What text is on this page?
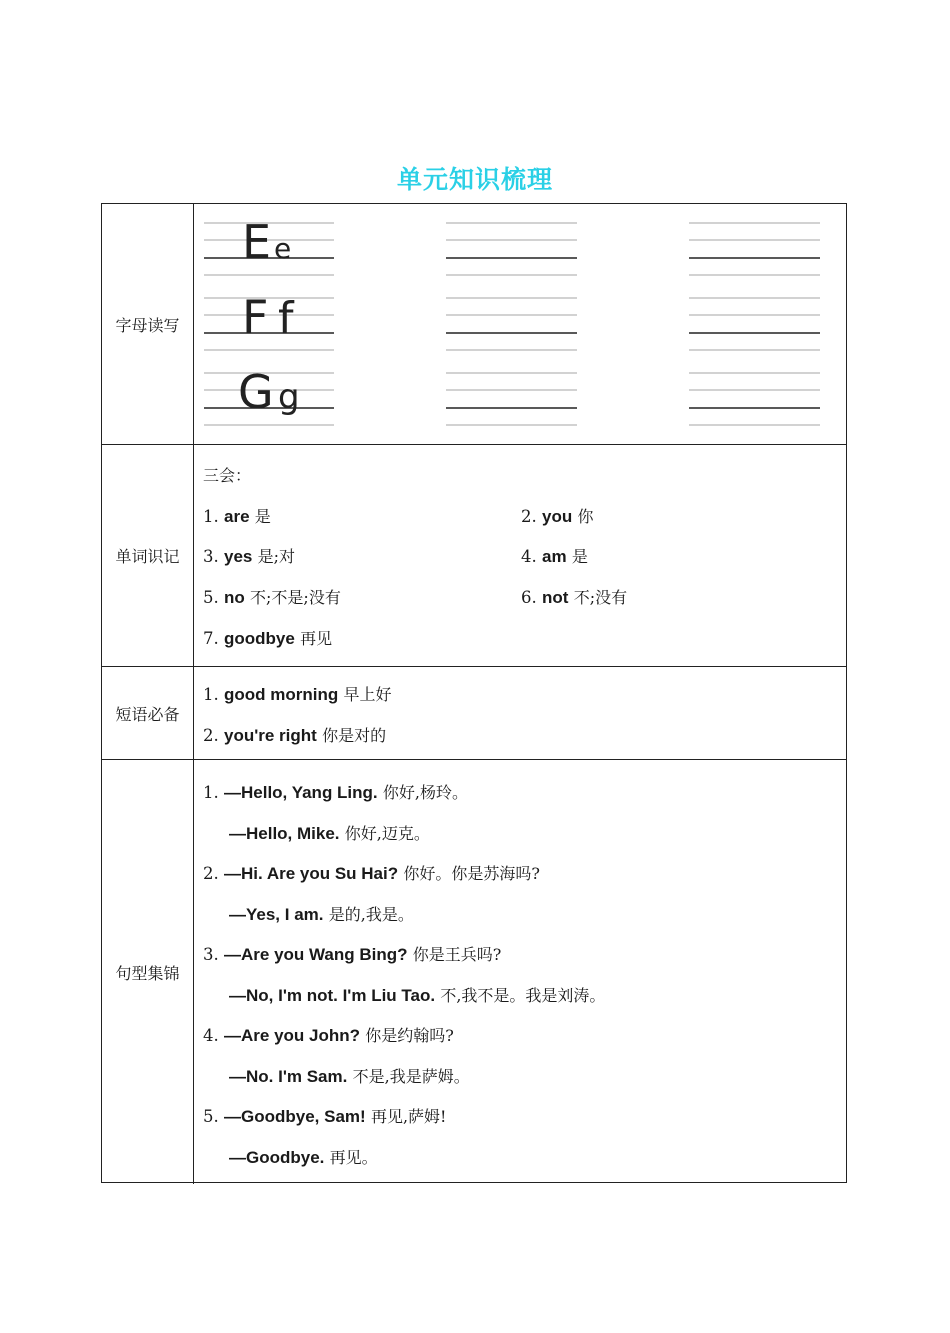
单元知识梳理
字母读写
E e
F f
G g
单词识记
三会：
1. are 是	2. you 你
3. yes 是;对	4. am 是
5. no 不;不是;没有	6. not 不;没有
7. goodbye 再见
短语必备
1. good morning 早上好
2. you're right 你是对的
句型集锦
1. —Hello, Yang Ling. 你好,杨玲。
—Hello, Mike. 你好,迈克。
2. —Hi. Are you Su Hai? 你好。你是苏海吗?
—Yes, I am. 是的,我是。
3. —Are you Wang Bing? 你是王兵吗?
—No, I'm not. I'm Liu Tao. 不,我不是。我是刘涛。
4. —Are you John? 你是约翰吗?
—No. I'm Sam. 不是,我是萨姆。
5. —Goodbye, Sam! 再见,萨姆!
—Goodbye. 再见。
